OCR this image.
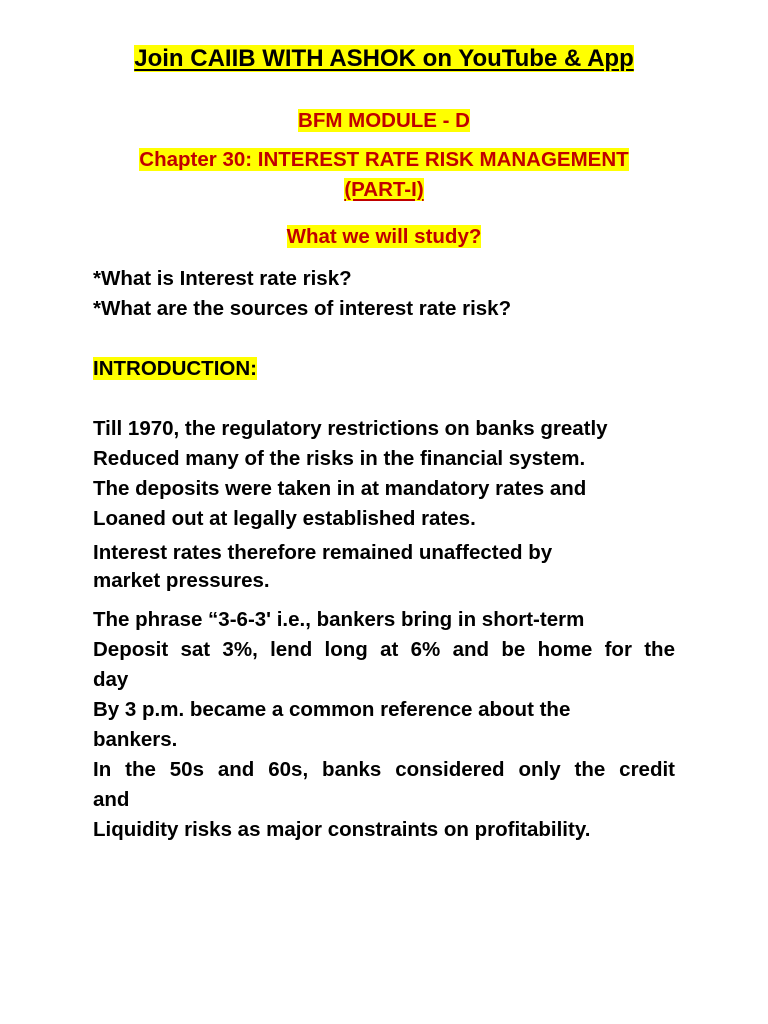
Join CAIIB WITH ASHOK on YouTube & App
BFM MODULE - D
Chapter 30: INTEREST RATE RISK MANAGEMENT
(PART-I)
What we will study?
*What is Interest rate risk?
*What are the sources of interest rate risk?
INTRODUCTION:
Till 1970, the regulatory restrictions on banks greatly
Reduced many of the risks in the financial system.
The deposits were taken in at mandatory rates and
Loaned out at legally established rates.
Interest rates therefore remained unaffected by
market pressures.
The phrase “3-6-3' i.e., bankers bring in short-term
Deposit sat 3%, lend long at 6% and be home for the
day
By 3 p.m. became a common reference about the
bankers.
In the 50s and 60s, banks considered only the credit
and
Liquidity risks as major constraints on profitability.
